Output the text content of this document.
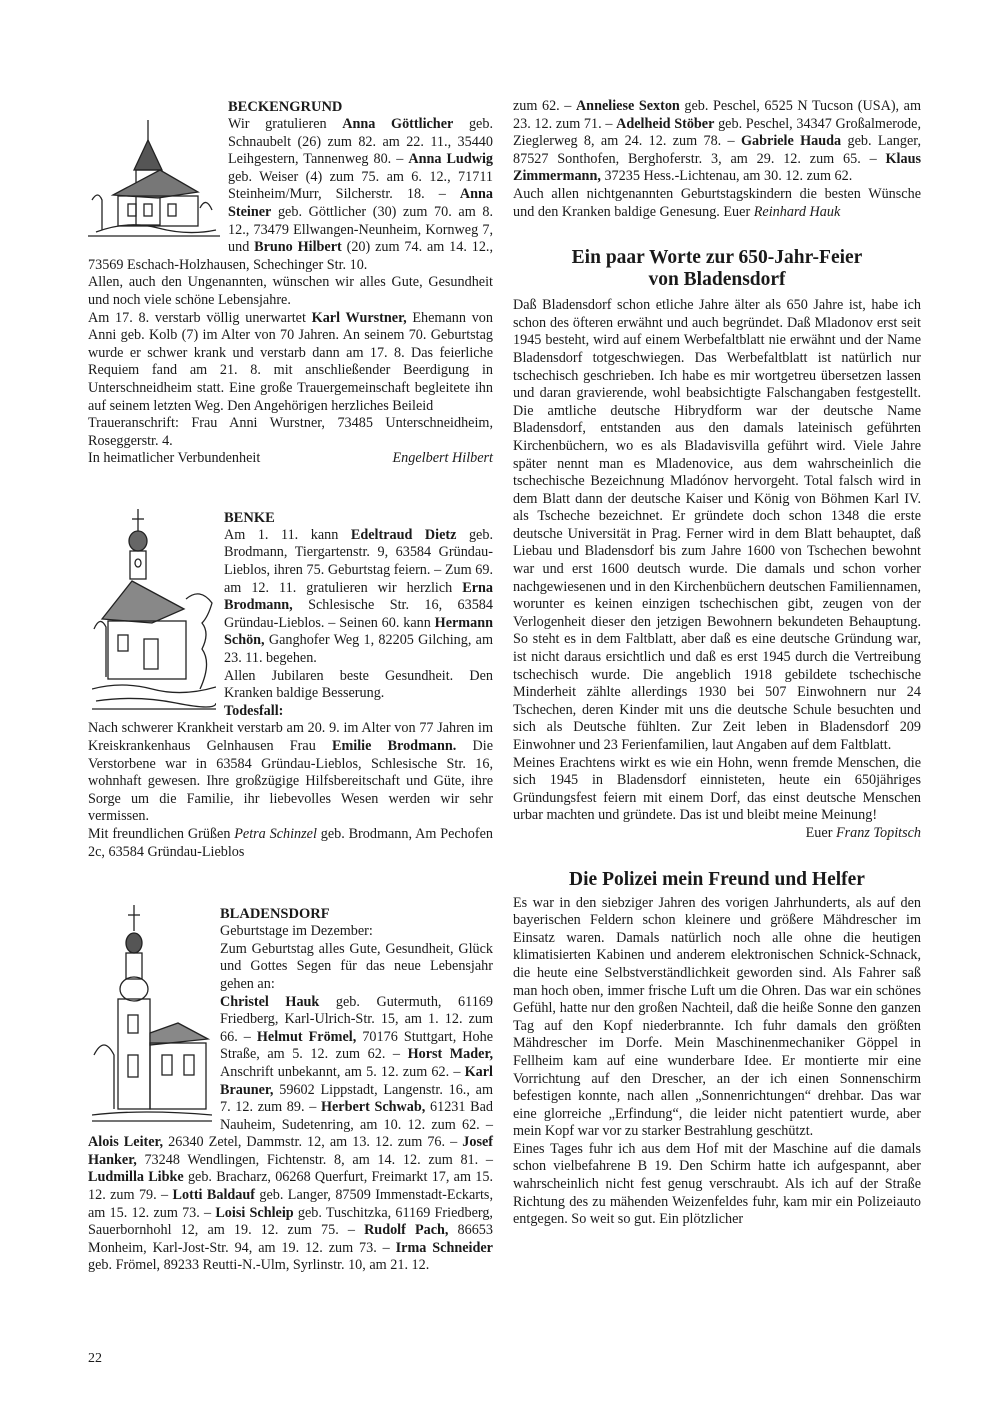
BECKENGRUND

Wir gratulieren Anna Göttlicher geb. Schnaubelt (26) zum 82. am 22. 11., 35440 Leihgestern, Tannenweg 80. – Anna Ludwig geb. Weiser (4) zum 75. am 6. 12., 71711 Steinheim/Murr, Silcherstr. 18. – Anna Steiner geb. Göttlicher (30) zum 70. am 8. 12., 73479 Ellwangen-Neunheim, Kornweg 7, und Bruno Hilbert (20) zum 74. am 14. 12., 73569 Eschach-Holzhausen, Schechinger Str. 10.

Allen, auch den Ungenannten, wünschen wir alles Gute, Gesundheit und noch viele schöne Lebensjahre.

Am 17. 8. verstarb völlig unerwartet Karl Wurstner, Ehemann von Anni geb. Kolb (7) im Alter von 70 Jahren. An seinem 70. Geburtstag wurde er schwer krank und verstarb dann am 17. 8. Das feierliche Requiem fand am 21. 8. mit anschließender Beerdigung in Unterschneidheim statt. Eine große Trauergemeinschaft begleitete ihn auf seinem letzten Weg. Den Angehörigen herzliches Beileid

Traueranschrift: Frau Anni Wurstner, 73485 Unterschneidheim, Roseggerstr. 4.

In heimatlicher Verbundenheit	Engelbert Hilbert
BENKE

Am 1. 11. kann Edeltraud Dietz geb. Brodmann, Tiergartenstr. 9, 63584 Gründau-Lieblos, ihren 75. Geburtstag feiern. – Zum 69. am 12. 11. gratulieren wir herzlich Erna Brodmann, Schlesische Str. 16, 63584 Gründau-Lieblos. – Seinen 60. kann Hermann Schön, Ganghofer Weg 1, 82205 Gilching, am 23. 11. begehen.

Allen Jubilaren beste Gesundheit. Den Kranken baldige Besserung.

Todesfall:

Nach schwerer Krankheit verstarb am 20. 9. im Alter von 77 Jahren im Kreiskrankenhaus Gelnhausen Frau Emilie Brodmann. Die Verstorbene war in 63584 Gründau-Lieblos, Schlesische Str. 16, wohnhaft gewesen. Ihre großzügige Hilfsbereitschaft und Güte, ihre Sorge um die Familie, ihr liebevolles Wesen werden wir sehr vermissen.

Mit freundlichen Grüßen Petra Schinzel geb. Brodmann, Am Pechofen 2c, 63584 Gründau-Lieblos

BLADENSDORF

Geburtstage im Dezember:

Zum Geburtstag alles Gute, Gesundheit, Glück und Gottes Segen für das neue Lebensjahr gehen an:

Christel Hauk geb. Gutermuth, 61169 Friedberg, Karl-Ulrich-Str. 15, am 1. 12. zum 66. – Helmut Frömel, 70176 Stuttgart, Hohe Straße, am 5. 12. zum 62. – Horst Mader, Anschrift unbekannt, am 5. 12. zum 62. – Karl Brauner, 59602 Lippstadt, Langenstr. 16., am 7. 12. zum 89. – Herbert Schwab, 61231 Bad Nauheim, Sudetenring, am 10. 12. zum 62. – Alois Leiter, 26340 Zetel, Dammstr. 12, am 13. 12. zum 76. – Josef Hanker, 73248 Wendlingen, Fichtenstr. 8, am 14. 12. zum 81. – Ludmilla Libke geb. Bracharz, 06268 Querfurt, Freimarkt 17, am 15. 12. zum 79. – Lotti Baldauf geb. Langer, 87509 Immenstadt-Eckarts, am 15. 12. zum 73. – Loisi Schleip geb. Tuschitzka, 61169 Friedberg, Sauerbornhohl 12, am 19. 12. zum 75. – Rudolf Pach, 86653 Monheim, Karl-Jost-Str. 94, am 19. 12. zum 73. – Irma Schneider geb. Frömel, 89233 Reutti-N.-Ulm, Syrlinstr. 10, am 21. 12.

zum 62. – Anneliese Sexton geb. Peschel, 6525 N Tucson (USA), am 23. 12. zum 71. – Adelheid Stöber geb. Peschel, 34347 Großalmerode, Zieglerweg 8, am 24. 12. zum 78. – Gabriele Hauda geb. Langer, 87527 Sonthofen, Berghoferstr. 3, am 29. 12. zum 65. – Klaus Zimmermann, 37235 Hess.-Lichtenau, am 30. 12. zum 62.

Auch allen nichtgenannten Geburtstagskindern die besten Wünsche und den Kranken baldige Genesung. Euer Reinhard Hauk

Ein paar Worte zur 650-Jahr-Feier
von Bladensdorf

Daß Bladensdorf schon etliche Jahre älter als 650 Jahre ist, habe ich schon des öfteren erwähnt und auch begründet. Daß Mladonov erst seit 1945 besteht, wird auf einem Werbefaltblatt nie erwähnt und der Name Bladensdorf totgeschwiegen. Das Werbefaltblatt ist natürlich nur tschechisch geschrieben. Ich habe es mir wortgetreu übersetzen lassen und daran gravierende, wohl beabsichtigte Falschangaben festgestellt. Die amtliche deutsche Hibrydform war der deutsche Name Bladensdorf, entstanden aus den damals lateinisch geführten Kirchenbüchern, wo es als Bladavisvilla geführt wird. Viele Jahre später nennt man es Mladenovice, aus dem wahrscheinlich die tschechische Bezeichnung Mladónov hervorgeht. Total falsch wird in dem Blatt dann der deutsche Kaiser und König von Böhmen Karl IV. als Tscheche bezeichnet. Er gründete doch schon 1348 die erste deutsche Universität in Prag. Ferner wird in dem Blatt behauptet, daß Liebau und Bladensdorf bis zum Jahre 1600 von Tschechen bewohnt war und erst 1600 deutsch wurde. Die damals und schon vorher nachgewiesenen und in den Kirchenbüchern deutschen Familiennamen, worunter es keinen einzigen tschechischen gibt, zeugen von der Verlogenheit dieser den jetzigen Bewohnern bekundeten Behauptung. So steht es in dem Faltblatt, aber daß es eine deutsche Gründung war, ist nicht daraus ersichtlich und daß es erst 1945 durch die Vertreibung tschechisch wurde. Die angeblich 1918 gebildete tschechische Minderheit zählte allerdings 1930 bei 507 Einwohnern nur 24 Tschechen, deren Kinder mit uns die deutsche Schule besuchten und sich als Deutsche fühlten. Zur Zeit leben in Bladensdorf 209 Einwohner und 23 Ferienfamilien, laut Angaben auf dem Faltblatt.

Meines Erachtens wirkt es wie ein Hohn, wenn fremde Menschen, die sich 1945 in Bladensdorf einnisteten, heute ein 650jähriges Gründungsfest feiern mit einem Dorf, das einst deutsche Menschen urbar machten und gründete. Das ist und bleibt meine Meinung!

Euer Franz Topitsch
Die Polizei mein Freund und Helfer

Es war in den siebziger Jahren des vorigen Jahrhunderts, als auf den bayerischen Feldern schon kleinere und größere Mähdrescher im Einsatz waren. Damals natürlich noch alle ohne die heutigen klimatisierten Kabinen und anderem elektronischen Schnick-Schnack, die heute eine Selbstverständlichkeit geworden sind. Als Fahrer saß man hoch oben, immer frische Luft um die Ohren. Das war ein schönes Gefühl, hatte nur den großen Nachteil, daß die heiße Sonne den ganzen Tag auf den Kopf niederbrannte. Ich fuhr damals den größten Mähdrescher im Dorfe. Mein Maschinenmechaniker Göppel in Fellheim kam auf eine wunderbare Idee. Er montierte mir eine Vorrichtung auf den Drescher, an der ich einen Sonnenschirm befestigen konnte, nach allen „Sonnenrichtungen“ drehbar. Das war eine glorreiche „Erfindung“, die leider nicht patentiert wurde, aber mein Kopf war vor zu starker Bestrahlung geschützt.

Eines Tages fuhr ich aus dem Hof mit der Maschine auf die damals schon vielbefahrene B 19. Den Schirm hatte ich aufgespannt, aber wahrscheinlich nicht fest genug verschraubt. Als ich auf der Straße Richtung des zu mähenden Weizenfeldes fuhr, kam mir ein Polizeiauto entgegen. So weit so gut. Ein plötzlicher

22
